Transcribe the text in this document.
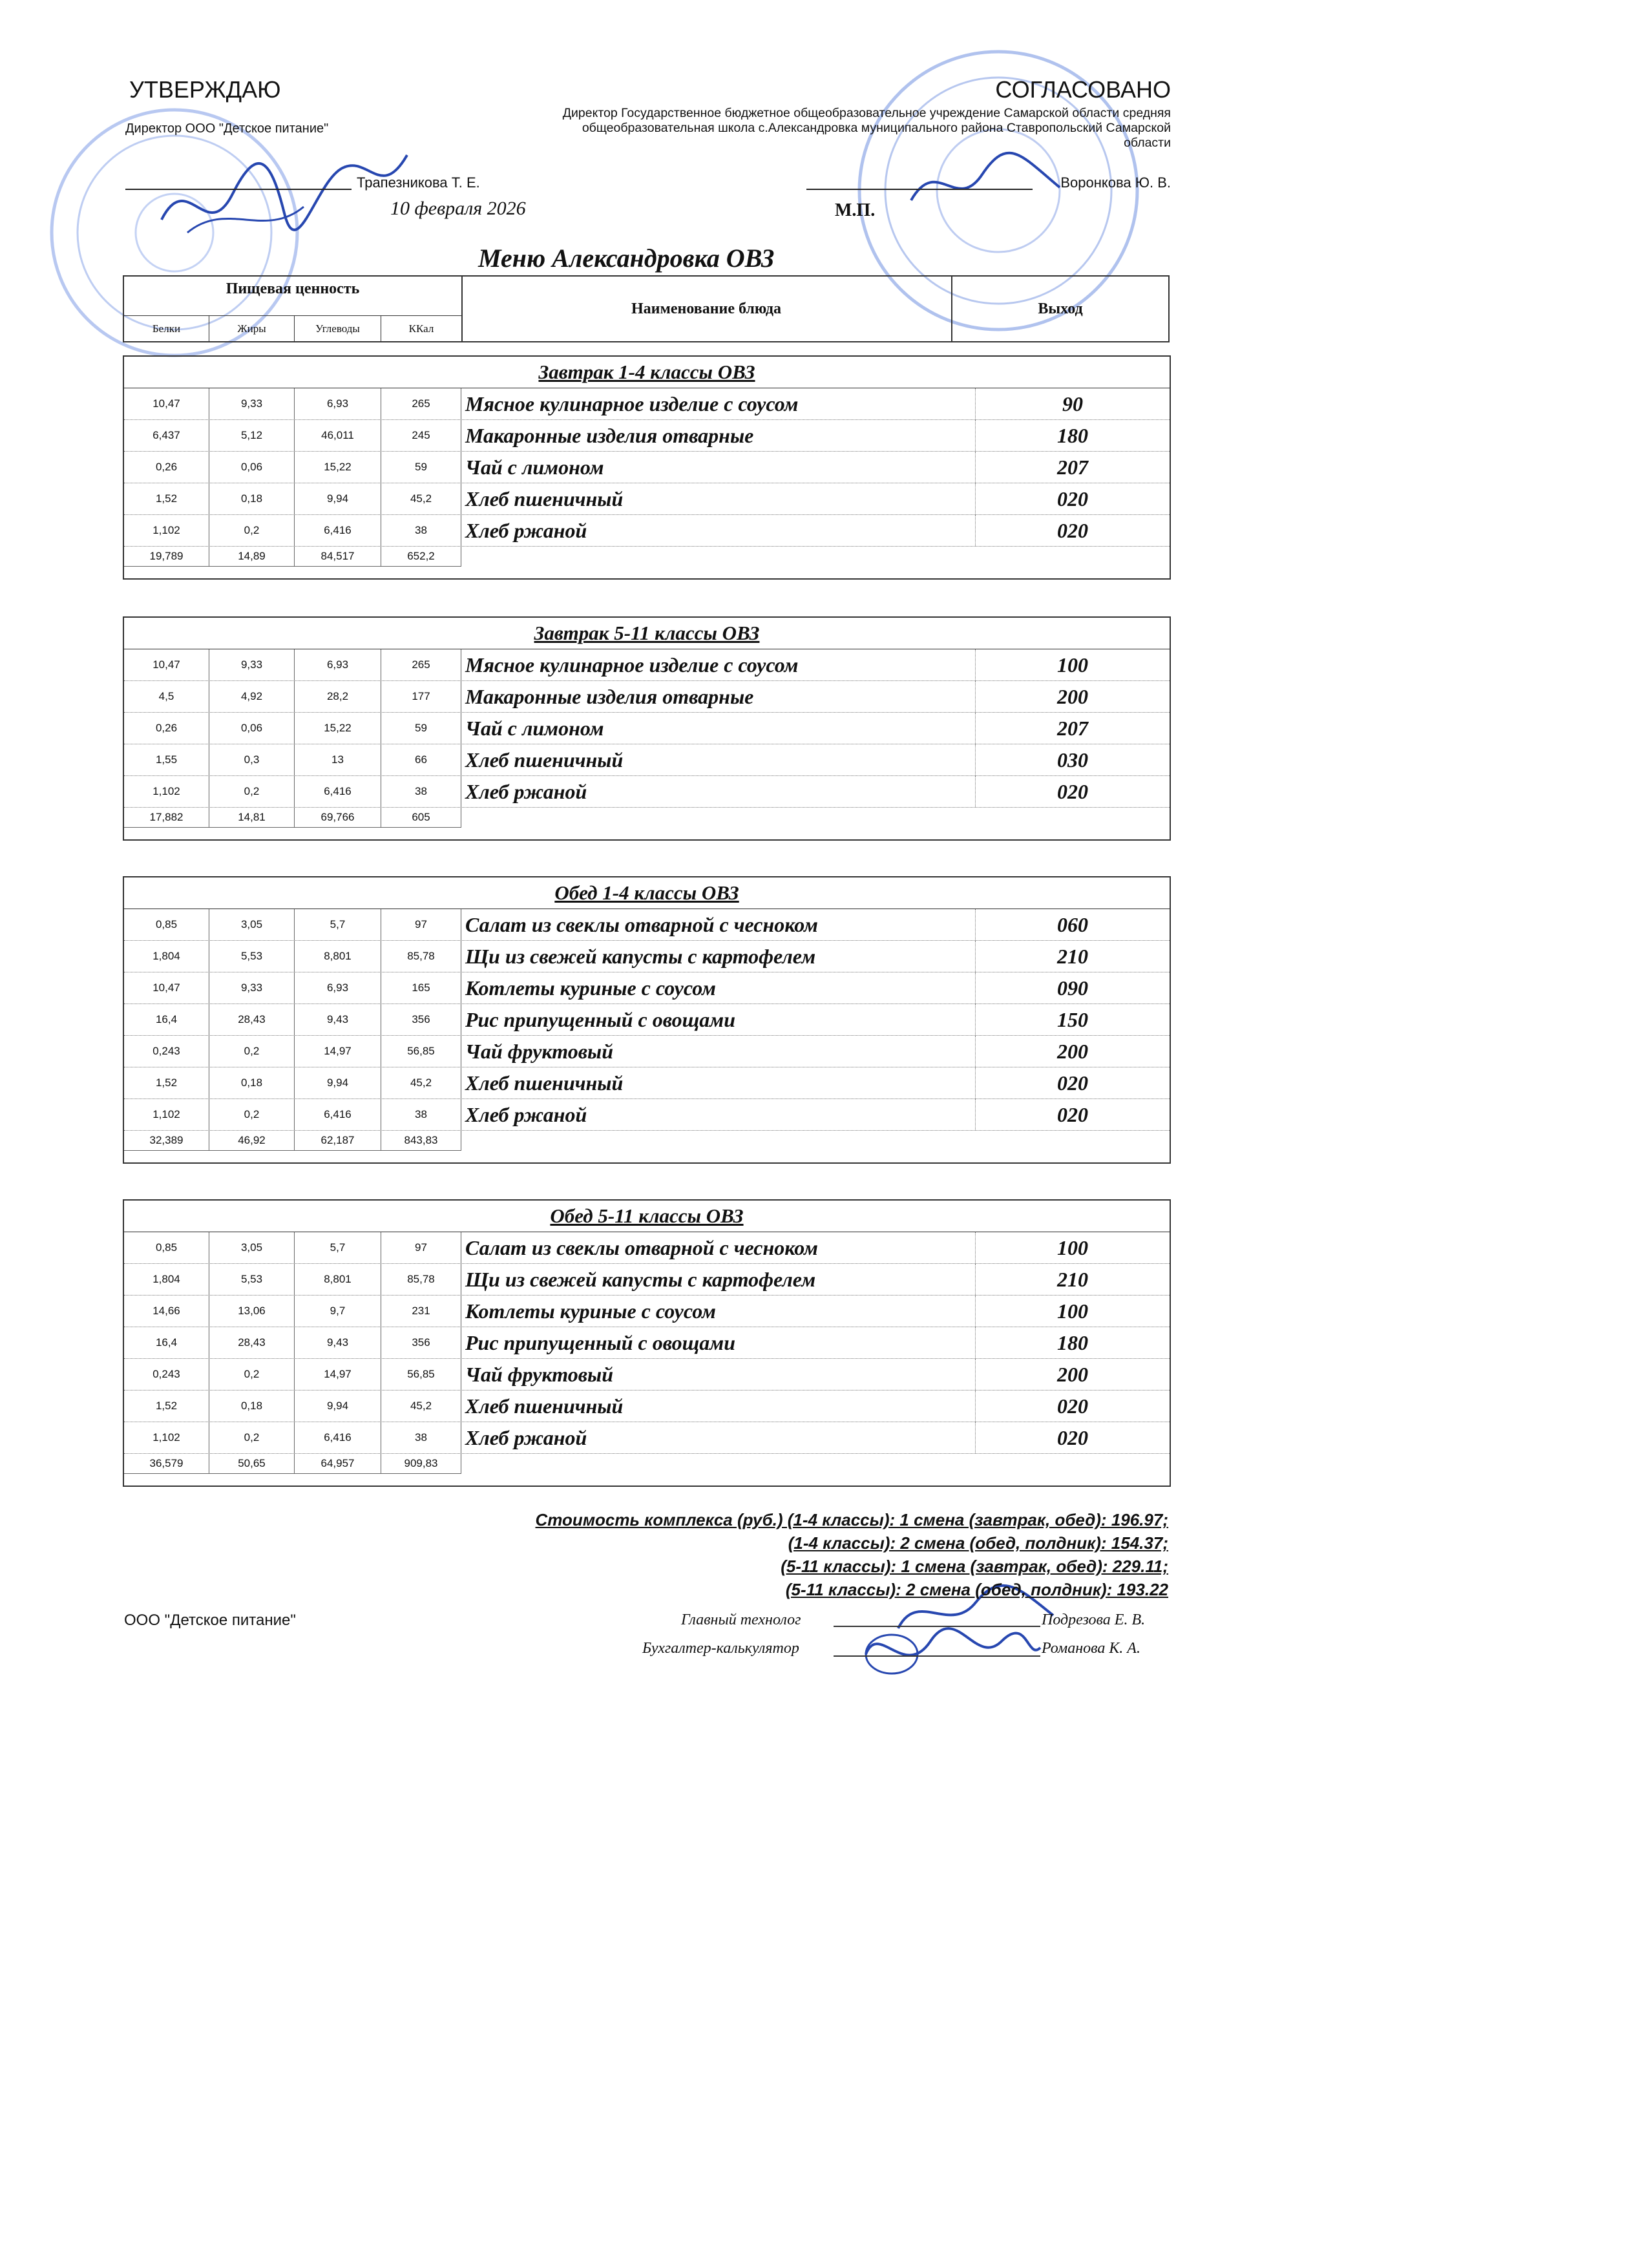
УТВЕРЖДАЮ
Директор ООО "Детское питание"
Трапезникова Т. Е.
10 февраля 2026
СОГЛАСОВАНО
Директор Государственное бюджетное общеобразовательное учреждение Самарской области средняя общеобразовательная школа с.Александровка муниципального района Ставропольский Самарской области
Воронкова Ю. В.
М.П.
Меню Александровка ОВЗ
Пищевая ценность
Белки	Жиры	Углеводы	ККал
Наименование блюда	Выход
Завтрак 1-4 классы ОВЗ
10,47	9,33	6,93	265	Мясное кулинарное изделие с соусом	90
6,437	5,12	46,011	245	Макаронные изделия отварные	180
0,26	0,06	15,22	59	Чай с лимоном	207
1,52	0,18	9,94	45,2	Хлеб пшеничный	020
1,102	0,2	6,416	38	Хлеб ржаной	020
19,789	14,89	84,517	652,2
Завтрак 5-11 классы ОВЗ
10,47	9,33	6,93	265	Мясное кулинарное изделие с соусом	100
4,5	4,92	28,2	177	Макаронные изделия отварные	200
0,26	0,06	15,22	59	Чай с лимоном	207
1,55	0,3	13	66	Хлеб пшеничный	030
1,102	0,2	6,416	38	Хлеб ржаной	020
17,882	14,81	69,766	605
Обед 1-4 классы ОВЗ
0,85	3,05	5,7	97	Салат из свеклы отварной с чесноком	060
1,804	5,53	8,801	85,78	Щи из свежей капусты с картофелем	210
10,47	9,33	6,93	165	Котлеты куриные с соусом	090
16,4	28,43	9,43	356	Рис припущенный с овощами	150
0,243	0,2	14,97	56,85	Чай фруктовый	200
1,52	0,18	9,94	45,2	Хлеб пшеничный	020
1,102	0,2	6,416	38	Хлеб ржаной	020
32,389	46,92	62,187	843,83
Обед 5-11 классы ОВЗ
0,85	3,05	5,7	97	Салат из свеклы отварной с чесноком	100
1,804	5,53	8,801	85,78	Щи из свежей капусты с картофелем	210
14,66	13,06	9,7	231	Котлеты куриные с соусом	100
16,4	28,43	9,43	356	Рис припущенный с овощами	180
0,243	0,2	14,97	56,85	Чай фруктовый	200
1,52	0,18	9,94	45,2	Хлеб пшеничный	020
1,102	0,2	6,416	38	Хлеб ржаной	020
36,579	50,65	64,957	909,83
Стоимость комплекса (руб.) (1-4 классы): 1 смена (завтрак, обед): 196.97;
(1-4 классы): 2 смена (обед, полдник): 154.37;
(5-11 классы): 1 смена (завтрак, обед): 229.11;
(5-11 классы): 2 смена (обед, полдник): 193.22
ООО "Детское питание"	Главный технолог	Подрезова Е. В.
Бухгалтер-калькулятор	Романова К. А.
